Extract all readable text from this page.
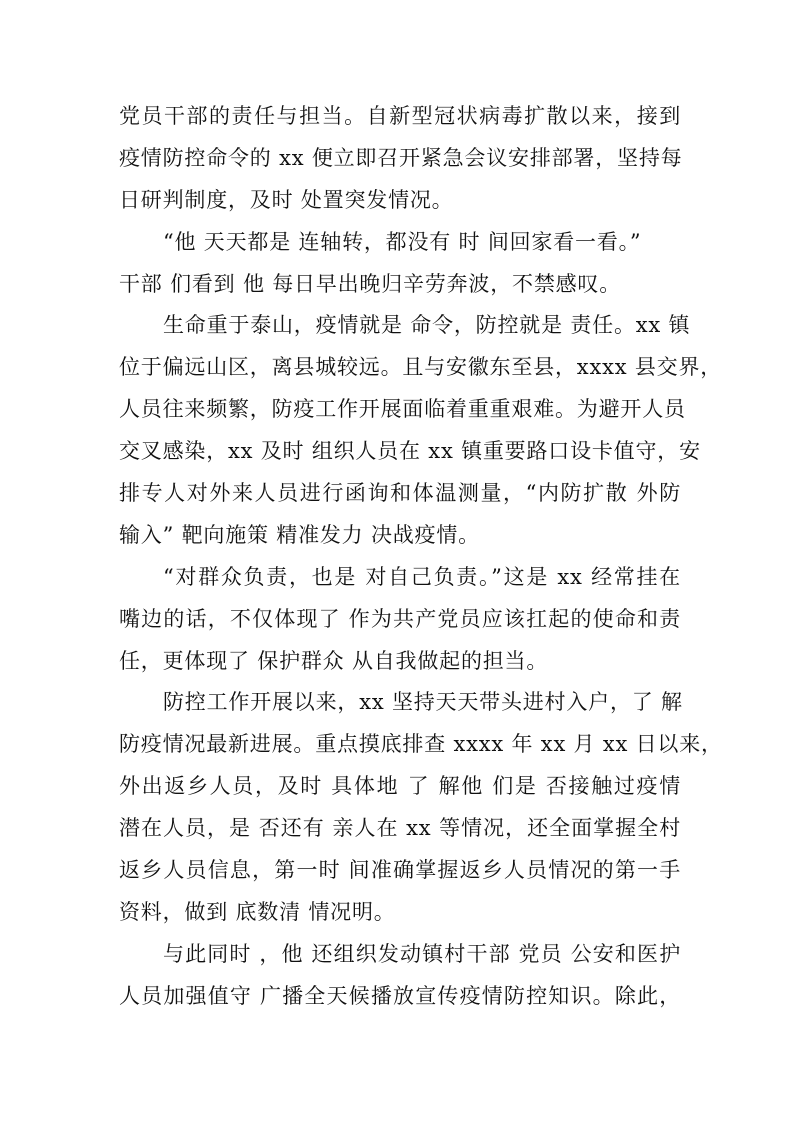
党员干部的责任与担当。自新型冠状病毒扩散以来，接到
疫情防控命令的 xx 便立即召开紧急会议安排部署，坚持每
日研判制度，及时 处置突发情况。
“他 天天都是 连轴转，都没有 时 间回家看一看。”
干部 们看到 他 每日早出晚归辛劳奔波，不禁感叹。
生命重于泰山，疫情就是 命令，防控就是 责任。xx 镇
位于偏远山区，离县城较远。且与安徽东至县，xxxx 县交界，
人员往来频繁，防疫工作开展面临着重重艰难。为避开人员
交叉感染，xx 及时 组织人员在 xx 镇重要路口设卡值守，安
排专人对外来人员进行函询和体温测量，“内防扩散 外防
输入” 靶向施策 精准发力 决战疫情。
“对群众负责，也是 对自己负责。”这是 xx 经常挂在
嘴边的话，不仅体现了 作为共产党员应该扛起的使命和责
任，更体现了 保护群众 从自我做起的担当。
防控工作开展以来，xx 坚持天天带头进村入户，了 解
防疫情况最新进展。重点摸底排查 xxxx 年 xx 月 xx 日以来，
外出返乡人员，及时 具体地 了 解他 们是 否接触过疫情
潜在人员，是 否还有 亲人在 xx 等情况，还全面掌握全村
返乡人员信息，第一时 间准确掌握返乡人员情况的第一手
资料，做到 底数清 情况明。
与此同时 ，他 还组织发动镇村干部 党员 公安和医护
人员加强值守 广播全天候播放宣传疫情防控知识。除此，
